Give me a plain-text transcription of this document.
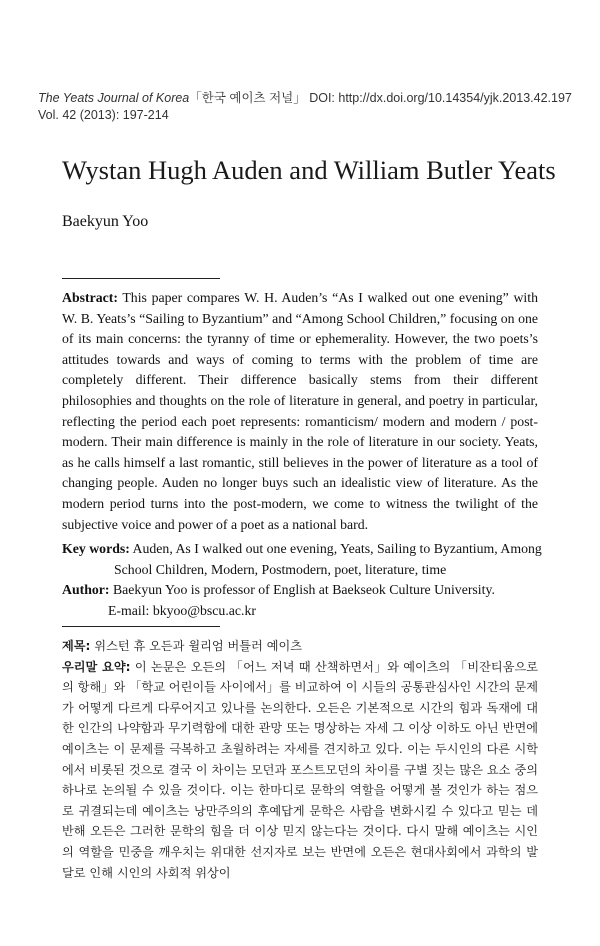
The Yeats Journal of Korea「한국 예이츠 저널」 DOI: http://dx.doi.org/10.14354/yjk.2013.42.197
Vol. 42 (2013): 197-214
Wystan Hugh Auden and William Butler Yeats
Baekyun Yoo

Abstract: This paper compares W. H. Auden’s “As I walked out one evening” with W. B. Yeats’s “Sailing to Byzantium” and “Among School Children,” focusing on one of its main concerns: the tyranny of time or ephemerality. However, the two poets’s attitudes towards and ways of coming to terms with the problem of time are completely different. Their difference basically stems from their different philosophies and thoughts on the role of literature in general, and poetry in particular, reflecting the period each poet represents: romanticism/ modern and modern / post-modern. Their main difference is mainly in the role of literature in our society. Yeats, as he calls himself a last romantic, still believes in the power of literature as a tool of changing people. Auden no longer buys such an idealistic view of literature. As the modern period turns into the post-modern, we come to witness the twilight of the subjective voice and power of a poet as a national bard.

Key words: Auden, As I walked out one evening, Yeats, Sailing to Byzantium, Among School Children, Modern, Postmodern, poet, literature, time

Author: Baekyun Yoo is professor of English at Baekseok Culture University.
E-mail: bkyoo@bscu.ac.kr

제목: 위스턴 휴 오든과 윌리엄 버틀러 예이츠

우리말 요약: 이 논문은 오든의 「어느 저녁 때 산책하면서」와 예이츠의 「비잔티움으로의 항해」와 「학교 어린이들 사이에서」를 비교하여 이 시들의 공통관심사인 시간의 문제가 어떻게 다르게 다루어지고 있나를 논의한다. 오든은 기본적으로 시간의 힘과 독재에 대한 인간의 나약함과 무기력함에 대한 관망 또는 명상하는 자세 그 이상 이하도 아닌 반면에 예이츠는 이 문제를 극복하고 초월하려는 자세를 견지하고 있다. 이는 두시인의 다른 시학에서 비롯된 것으로 결국 이 차이는 모던과 포스트모던의 차이를 구별 짓는 많은 요소 중의 하나로 논의될 수 있을 것이다. 이는 한마디로 문학의 역할을 어떻게 볼 것인가 하는 점으로 귀결되는데 예이츠는 낭만주의의 후예답게 문학은 사람을 변화시킬 수 있다고 믿는 데 반해 오든은 그러한 문학의 힘을 더 이상 믿지 않는다는 것이다. 다시 말해 예이츠는 시인의 역할을 민중을 깨우치는 위대한 선지자로 보는 반면에 오든은 현대사회에서 과학의 발달로 인해 시인의 사회적 위상이
